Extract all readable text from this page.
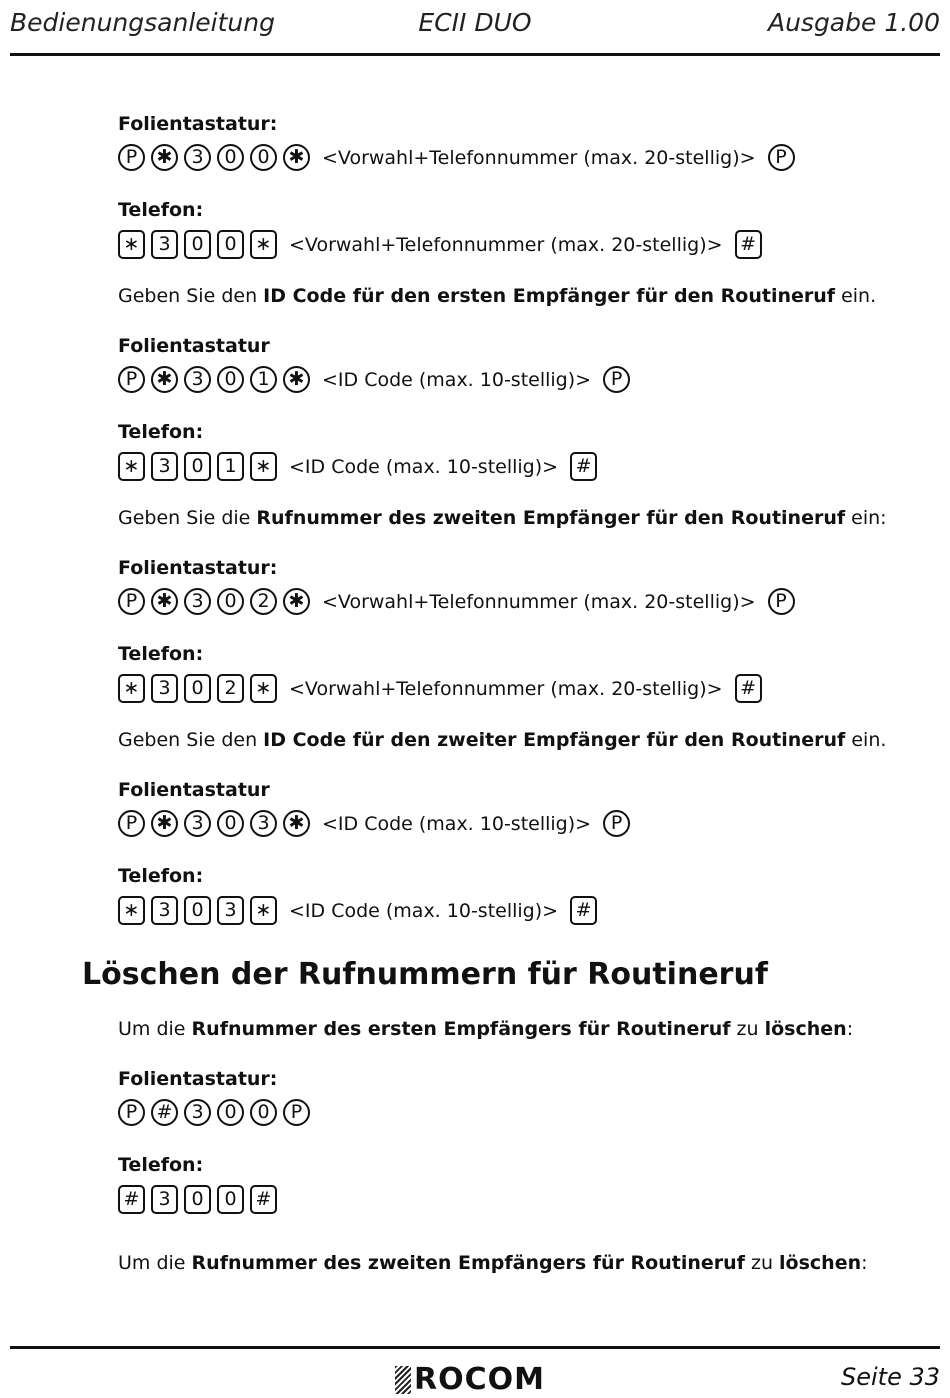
Bedienungsanleitung	ECII DUO	Ausgabe 1.00
Folientastatur:
P	✱	3	0	0 ✱ <Vorwahl+Telefonnummer (max. 20-stellig)>	P
Telefon:
∗	3	0	0 ∗ <Vorwahl+Telefonnummer (max. 20-stellig)> #
Geben Sie den ID Code für den ersten Empfänger für den Routineruf ein.
Folientastatur
P	✱	3	0	1 ✱ <ID Code (max. 10-stellig)>	P
Telefon:
∗	3	0	1 ∗ <ID Code (max. 10-stellig)> #
Geben Sie die Rufnummer des zweiten Empfänger für den Routineruf ein:
Folientastatur:
P	✱	3	0	2 ✱ <Vorwahl+Telefonnummer (max. 20-stellig)>	P
Telefon:
∗	3	0	2 ∗ <Vorwahl+Telefonnummer (max. 20-stellig)> #
Geben Sie den ID Code für den zweiter Empfänger für den Routineruf ein.
Folientastatur
P	✱	3	0	3 ✱ <ID Code (max. 10-stellig)>	P
Telefon:
∗	3	0	3 ∗ <ID Code (max. 10-stellig)> #
Löschen der Rufnummern für Routineruf
Um die Rufnummer des ersten Empfängers für Routineruf zu löschen:
Folientastatur:
P	#	3	0	0	P
Telefon:
#	3	0	0 #
Um die Rufnummer des zweiten Empfängers für Routineruf zu löschen:
ROCOM	Seite 33
